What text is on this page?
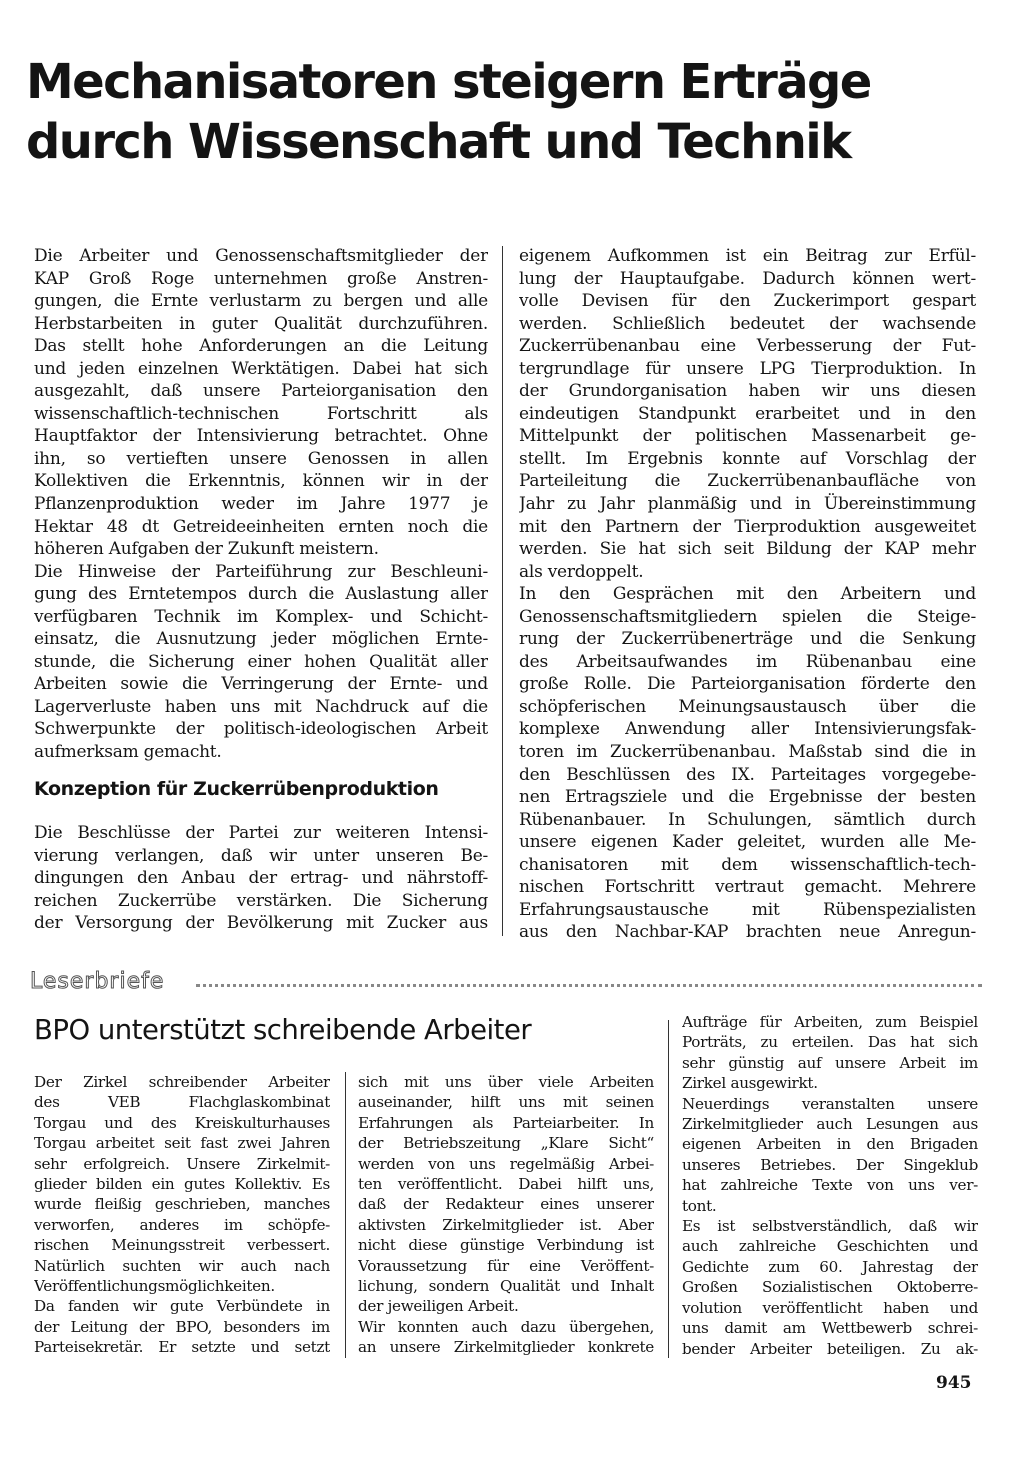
Mechanisatoren steigern Erträge
durch Wissenschaft und Technik

Die Arbeiter und Genossenschaftsmitglieder der

KAP Groß Roge unternehmen große Anstren-

gungen, die Ernte verlustarm zu bergen und alle

Herbstarbeiten in guter Qualität durchzuführen.

Das stellt hohe Anforderungen an die Leitung

und jeden einzelnen Werktätigen. Dabei hat sich

ausgezahlt, daß unsere Parteiorganisation den

wissenschaftlich-technischen Fortschritt als

Hauptfaktor der Intensivierung betrachtet. Ohne

ihn, so vertieften unsere Genossen in allen

Kollektiven die Erkenntnis, können wir in der

Pflanzenproduktion weder im Jahre 1977 je

Hektar 48 dt Getreideeinheiten ernten noch die

höheren Aufgaben der Zukunft meistern.

Die Hinweise der Parteiführung zur Beschleuni-

gung des Erntetempos durch die Auslastung aller

verfügbaren Technik im Komplex- und Schicht-

einsatz, die Ausnutzung jeder möglichen Ernte-

stunde, die Sicherung einer hohen Qualität aller

Arbeiten sowie die Verringerung der Ernte- und

Lagerverluste haben uns mit Nachdruck auf die

Schwerpunkte der politisch-ideologischen Arbeit

aufmerksam gemacht.

Konzeption für Zuckerrübenproduktion

Die Beschlüsse der Partei zur weiteren Intensi-

vierung verlangen, daß wir unter unseren Be-

dingungen den Anbau der ertrag- und nährstoff-

reichen Zuckerrübe verstärken. Die Sicherung

der Versorgung der Bevölkerung mit Zucker aus

eigenem Aufkommen ist ein Beitrag zur Erfül-

lung der Hauptaufgabe. Dadurch können wert-

volle Devisen für den Zuckerimport gespart

werden. Schließlich bedeutet der wachsende

Zuckerrübenanbau eine Verbesserung der Fut-

tergrundlage für unsere LPG Tierproduktion. In

der Grundorganisation haben wir uns diesen

eindeutigen Standpunkt erarbeitet und in den

Mittelpunkt der politischen Massenarbeit ge-

stellt. Im Ergebnis konnte auf Vorschlag der

Parteileitung die Zuckerrübenanbaufläche von

Jahr zu Jahr planmäßig und in Übereinstimmung

mit den Partnern der Tierproduktion ausgeweitet

werden. Sie hat sich seit Bildung der KAP mehr

als verdoppelt.

In den Gesprächen mit den Arbeitern und

Genossenschaftsmitgliedern spielen die Steige-

rung der Zuckerrübenerträge und die Senkung

des Arbeitsaufwandes im Rübenanbau eine

große Rolle. Die Parteiorganisation förderte den

schöpferischen Meinungsaustausch über die

komplexe Anwendung aller Intensivierungsfak-

toren im Zuckerrübenanbau. Maßstab sind die in

den Beschlüssen des IX. Parteitages vorgegebe-

nen Ertragsziele und die Ergebnisse der besten

Rübenanbauer. In Schulungen, sämtlich durch

unsere eigenen Kader geleitet, wurden alle Me-

chanisatoren mit dem wissenschaftlich-tech-

nischen Fortschritt vertraut gemacht. Mehrere

Erfahrungsaustausche mit Rübenspezialisten

aus den Nachbar-KAP brachten neue Anregun-

Leserbriefe
BPO unterstützt schreibende Arbeiter

Der Zirkel schreibender Arbeiter

des VEB Flachglaskombinat

Torgau und des Kreiskulturhauses

Torgau arbeitet seit fast zwei Jahren

sehr erfolgreich. Unsere Zirkelmit-

glieder bilden ein gutes Kollektiv. Es

wurde fleißig geschrieben, manches

verworfen, anderes im schöpfe-

rischen Meinungsstreit verbessert.

Natürlich suchten wir auch nach

Veröffentlichungsmöglichkeiten.

Da fanden wir gute Verbündete in

der Leitung der BPO, besonders im

Parteisekretär. Er setzte und setzt

sich mit uns über viele Arbeiten

auseinander, hilft uns mit seinen

Erfahrungen als Parteiarbeiter. In

der Betriebszeitung „Klare Sicht“

werden von uns regelmäßig Arbei-

ten veröffentlicht. Dabei hilft uns,

daß der Redakteur eines unserer

aktivsten Zirkelmitglieder ist. Aber

nicht diese günstige Verbindung ist

Voraussetzung für eine Veröffent-

lichung, sondern Qualität und Inhalt

der jeweiligen Arbeit.

Wir konnten auch dazu übergehen,

an unsere Zirkelmitglieder konkrete

Aufträge für Arbeiten, zum Beispiel

Porträts, zu erteilen. Das hat sich

sehr günstig auf unsere Arbeit im

Zirkel ausgewirkt.

Neuerdings veranstalten unsere

Zirkelmitglieder auch Lesungen aus

eigenen Arbeiten in den Brigaden

unseres Betriebes. Der Singeklub

hat zahlreiche Texte von uns ver-

tont.

Es ist selbstverständlich, daß wir

auch zahlreiche Geschichten und

Gedichte zum 60. Jahrestag der

Großen Sozialistischen Oktoberre-

volution veröffentlicht haben und

uns damit am Wettbewerb schrei-

bender Arbeiter beteiligen. Zu ak-

945
